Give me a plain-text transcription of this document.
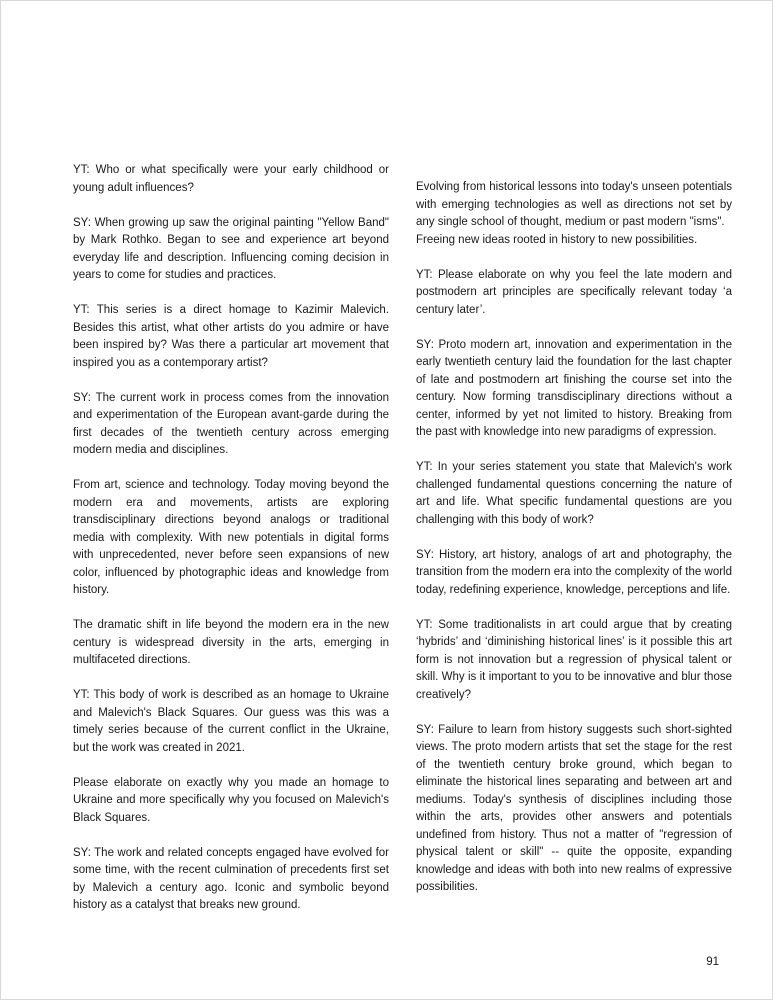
YT: Who or what specifically were your early childhood or young adult influences?

SY: When growing up saw the original painting "Yellow Band" by Mark Rothko. Began to see and experience art beyond everyday life and description. Influencing coming decision in years to come for studies and practices.

YT: This series is a direct homage to Kazimir Malevich. Besides this artist, what other artists do you admire or have been inspired by? Was there a particular art movement that inspired you as a contemporary artist?

SY: The current work in process comes from the innovation and experimentation of the European avant-garde during the first decades of the twentieth century across emerging modern media and disciplines.

From art, science and technology. Today moving beyond the modern era and movements, artists are exploring transdisciplinary directions beyond analogs or traditional media with complexity. With new potentials in digital forms with unprecedented, never before seen expansions of new color, influenced by photographic ideas and knowledge from history.

The dramatic shift in life beyond the modern era in the new century is widespread diversity in the arts, emerging in multifaceted directions.

YT: This body of work is described as an homage to Ukraine and Malevich's Black Squares. Our guess was this was a timely series because of the current conflict in the Ukraine, but the work was created in 2021.

Please elaborate on exactly why you made an homage to Ukraine and more specifically why you focused on Malevich's Black Squares.

SY: The work and related concepts engaged have evolved for some time, with the recent culmination of precedents first set by Malevich a century ago. Iconic and symbolic beyond history as a catalyst that breaks new ground.

Evolving from historical lessons into today's unseen potentials with emerging technologies as well as directions not set by any single school of thought, medium or past modern "isms".

Freeing new ideas rooted in history to new possibilities.

YT: Please elaborate on why you feel the late modern and postmodern art principles are specifically relevant today ‘a century later’.

SY: Proto modern art, innovation and experimentation in the early twentieth century laid the foundation for the last chapter of late and postmodern art finishing the course set into the century. Now forming transdisciplinary directions without a center, informed by yet not limited to history. Breaking from the past with knowledge into new paradigms of expression.

YT: In your series statement you state that Malevich's work challenged fundamental questions concerning the nature of art and life. What specific fundamental questions are you challenging with this body of work?

SY: History, art history, analogs of art and photography, the transition from the modern era into the complexity of the world today, redefining experience, knowledge, perceptions and life.

YT: Some traditionalists in art could argue that by creating ‘hybrids’ and ‘diminishing historical lines’ is it possible this art form is not innovation but a regression of physical talent or skill. Why is it important to you to be innovative and blur those creatively?

SY: Failure to learn from history suggests such short-sighted views. The proto modern artists that set the stage for the rest of the twentieth century broke ground, which began to eliminate the historical lines separating and between art and mediums. Today's synthesis of disciplines including those within the arts, provides other answers and potentials undefined from history. Thus not a matter of "regression of physical talent or skill" -- quite the opposite, expanding knowledge and ideas with both into new realms of expressive possibilities.

91
